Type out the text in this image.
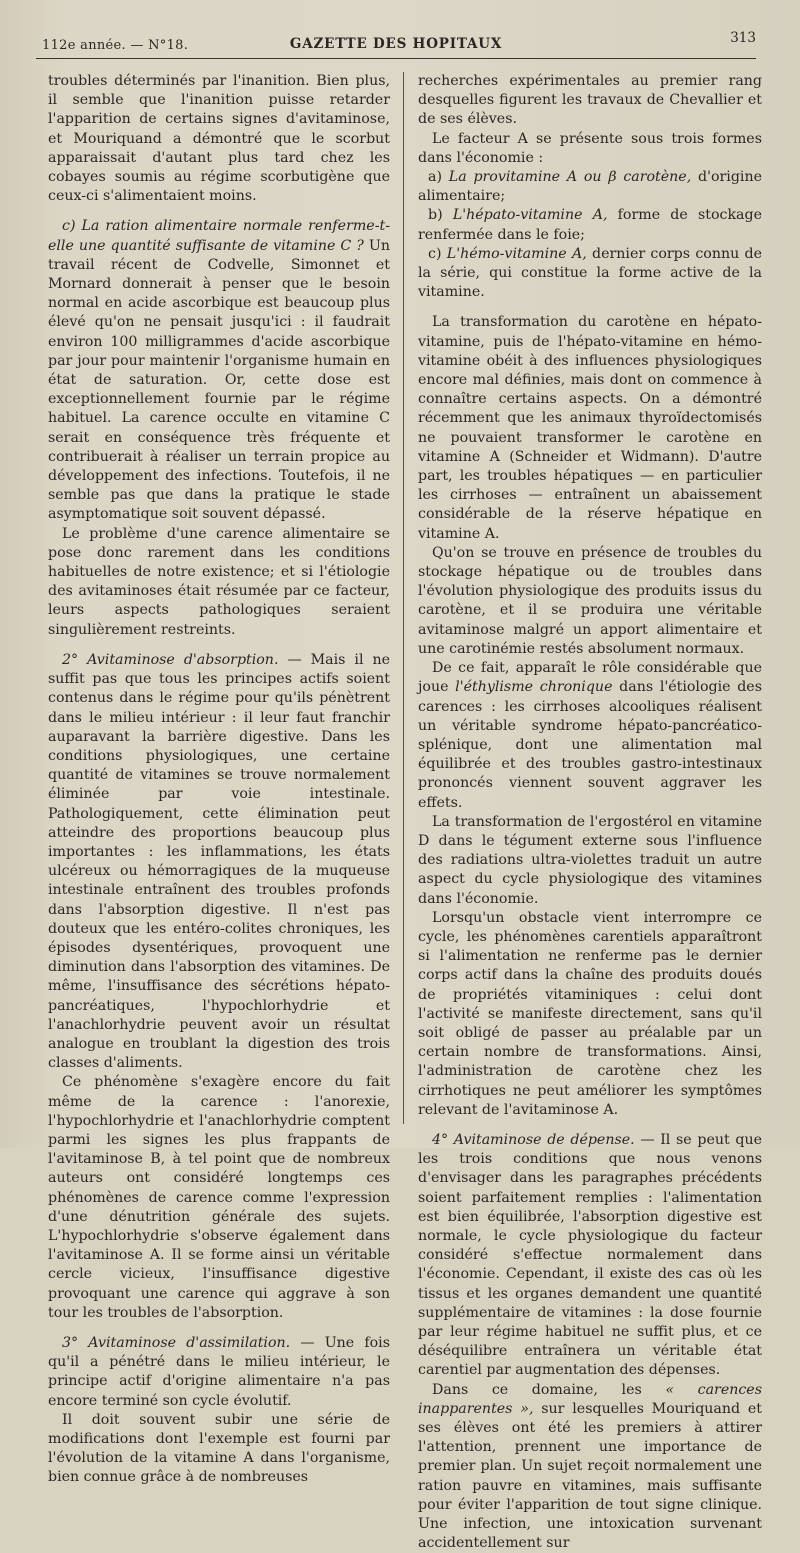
112e année. — N°18.	GAZETTE DES HOPITAUX	313

troubles déterminés par l'inanition. Bien plus, il semble que l'inanition puisse retarder l'apparition de certains signes d'avitaminose, et Mouriquand a démontré que le scorbut apparaissait d'autant plus tard chez les cobayes soumis au régime scorbutigène que ceux-ci s'alimentaient moins.

c) La ration alimentaire normale renferme-t-elle une quantité suffisante de vitamine C ? Un travail récent de Codvelle, Simonnet et Mornard donnerait à penser que le besoin normal en acide ascorbique est beaucoup plus élevé qu'on ne pensait jusqu'ici : il faudrait environ 100 milligrammes d'acide ascorbique par jour pour maintenir l'organisme humain en état de saturation. Or, cette dose est exceptionnellement fournie par le régime habituel. La carence occulte en vitamine C serait en conséquence très fréquente et contribuerait à réaliser un terrain propice au développement des infections. Toutefois, il ne semble pas que dans la pratique le stade asymptomatique soit souvent dépassé.

Le problème d'une carence alimentaire se pose donc rarement dans les conditions habituelles de notre existence; et si l'étiologie des avitaminoses était résumée par ce facteur, leurs aspects pathologiques seraient singulièrement restreints.

2° Avitaminose d'absorption. — Mais il ne suffit pas que tous les principes actifs soient contenus dans le régime pour qu'ils pénètrent dans le milieu intérieur : il leur faut franchir auparavant la barrière digestive. Dans les conditions physiologiques, une certaine quantité de vitamines se trouve normalement éliminée par voie intestinale. Pathologiquement, cette élimination peut atteindre des proportions beaucoup plus importantes : les inflammations, les états ulcéreux ou hémorragiques de la muqueuse intestinale entraînent des troubles profonds dans l'absorption digestive. Il n'est pas douteux que les entéro-colites chroniques, les épisodes dysentériques, provoquent une diminution dans l'absorption des vitamines. De même, l'insuffisance des sécrétions hépato-pancréatiques, l'hypochlorhydrie et l'anachlorhydrie peuvent avoir un résultat analogue en troublant la digestion des trois classes d'aliments.

Ce phénomène s'exagère encore du fait même de la carence : l'anorexie, l'hypochlorhydrie et l'anachlorhydrie comptent parmi les signes les plus frappants de l'avitaminose B, à tel point que de nombreux auteurs ont considéré longtemps ces phénomènes de carence comme l'expression d'une dénutrition générale des sujets. L'hypochlorhydrie s'observe également dans l'avitaminose A. Il se forme ainsi un véritable cercle vicieux, l'insuffisance digestive provoquant une carence qui aggrave à son tour les troubles de l'absorption.

3° Avitaminose d'assimilation. — Une fois qu'il a pénétré dans le milieu intérieur, le principe actif d'origine alimentaire n'a pas encore terminé son cycle évolutif.

Il doit souvent subir une série de modifications dont l'exemple est fourni par l'évolution de la vitamine A dans l'organisme, bien connue grâce à de nombreuses

recherches expérimentales au premier rang desquelles figurent les travaux de Chevallier et de ses élèves.

Le facteur A se présente sous trois formes dans l'économie :

a) La provitamine A ou β carotène, d'origine alimentaire;

b) L'hépato-vitamine A, forme de stockage renfermée dans le foie;

c) L'hémo-vitamine A, dernier corps connu de la série, qui constitue la forme active de la vitamine.

La transformation du carotène en hépato-vitamine, puis de l'hépato-vitamine en hémo-vitamine obéit à des influences physiologiques encore mal définies, mais dont on commence à connaître certains aspects. On a démontré récemment que les animaux thyroïdectomisés ne pouvaient transformer le carotène en vitamine A (Schneider et Widmann). D'autre part, les troubles hépatiques — en particulier les cirrhoses — entraînent un abaissement considérable de la réserve hépatique en vitamine A.

Qu'on se trouve en présence de troubles du stockage hépatique ou de troubles dans l'évolution physiologique des produits issus du carotène, et il se produira une véritable avitaminose malgré un apport alimentaire et une carotinémie restés absolument normaux.

De ce fait, apparaît le rôle considérable que joue l'éthylisme chronique dans l'étiologie des carences : les cirrhoses alcooliques réalisent un véritable syndrome hépato-pancréatico-splénique, dont une alimentation mal équilibrée et des troubles gastro-intestinaux prononcés viennent souvent aggraver les effets.

La transformation de l'ergostérol en vitamine D dans le tégument externe sous l'influence des radiations ultra-violettes traduit un autre aspect du cycle physiologique des vitamines dans l'économie.

Lorsqu'un obstacle vient interrompre ce cycle, les phénomènes carentiels apparaîtront si l'alimentation ne renferme pas le dernier corps actif dans la chaîne des produits doués de propriétés vitaminiques : celui dont l'activité se manifeste directement, sans qu'il soit obligé de passer au préalable par un certain nombre de transformations. Ainsi, l'administration de carotène chez les cirrhotiques ne peut améliorer les symptômes relevant de l'avitaminose A.

4° Avitaminose de dépense. — Il se peut que les trois conditions que nous venons d'envisager dans les paragraphes précédents soient parfaitement remplies : l'alimentation est bien équilibrée, l'absorption digestive est normale, le cycle physiologique du facteur considéré s'effectue normalement dans l'économie. Cependant, il existe des cas où les tissus et les organes demandent une quantité supplémentaire de vitamines : la dose fournie par leur régime habituel ne suffit plus, et ce déséquilibre entraînera un véritable état carentiel par augmentation des dépenses.

Dans ce domaine, les « carences inapparentes », sur lesquelles Mouriquand et ses élèves ont été les premiers à attirer l'attention, prennent une importance de premier plan. Un sujet reçoit normalement une ration pauvre en vitamines, mais suffisante pour éviter l'apparition de tout signe clinique. Une infection, une intoxication survenant accidentellement sur
